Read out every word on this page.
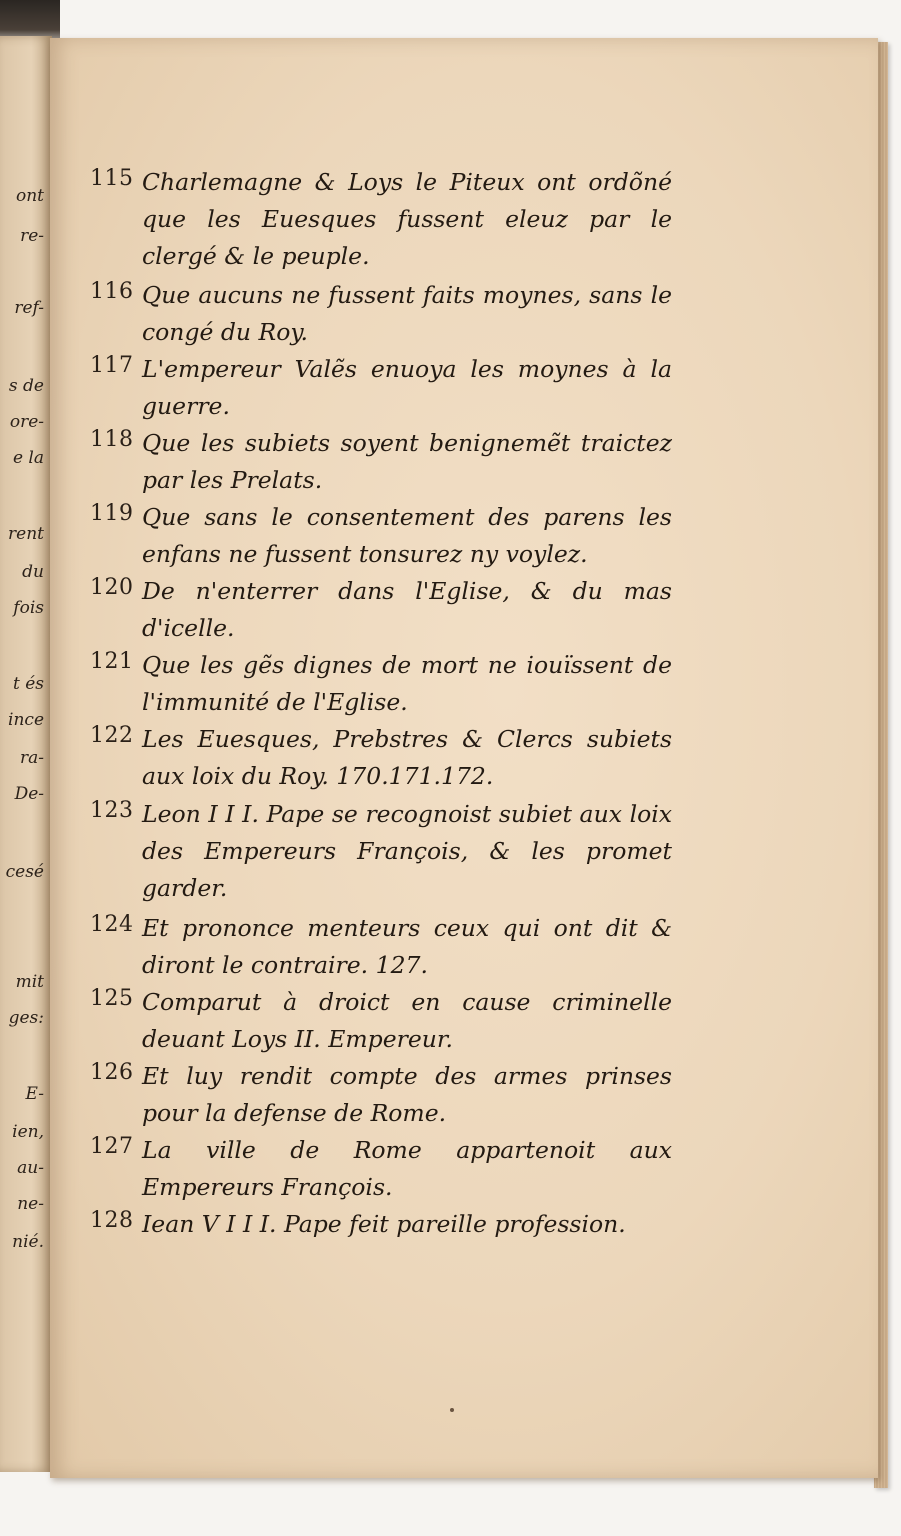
ont
re-
ref-
s de
ore-
e la
rent
du
fois
t és
ince
ra-
De-
cesé
mit
ges:
E-
ien,
au-
ne-
nié.
115 Charlemagne & Loys le Piteux ont ordõné que les Euesques fussent eleuz par le clergé & le peuple.
116 Que aucuns ne fussent faits moynes, sans le congé du Roy.
117 L'empereur Valẽs enuoya les moynes à la guerre.
118 Que les subiets soyent benignemẽt traictez par les Prelats.
119 Que sans le consentement des parens les enfans ne fussent tonsurez ny voylez.
120 De n'enterrer dans l'Eglise, & du mas d'icelle.
121 Que les gẽs dignes de mort ne iouïssent de l'immunité de l'Eglise.
122 Les Euesques, Prebstres & Clercs subiets aux loix du Roy. 170.171.172.
123 Leon I I I. Pape se recognoist subiet aux loix des Empereurs François, & les promet garder.
124 Et prononce menteurs ceux qui ont dit & diront le contraire. 127.
125 Comparut à droict en cause criminelle deuant Loys II. Empereur.
126 Et luy rendit compte des armes prinses pour la defense de Rome.
127 La ville de Rome appartenoit aux Empereurs François.
128 Iean V I I I. Pape feit pareille profession.
